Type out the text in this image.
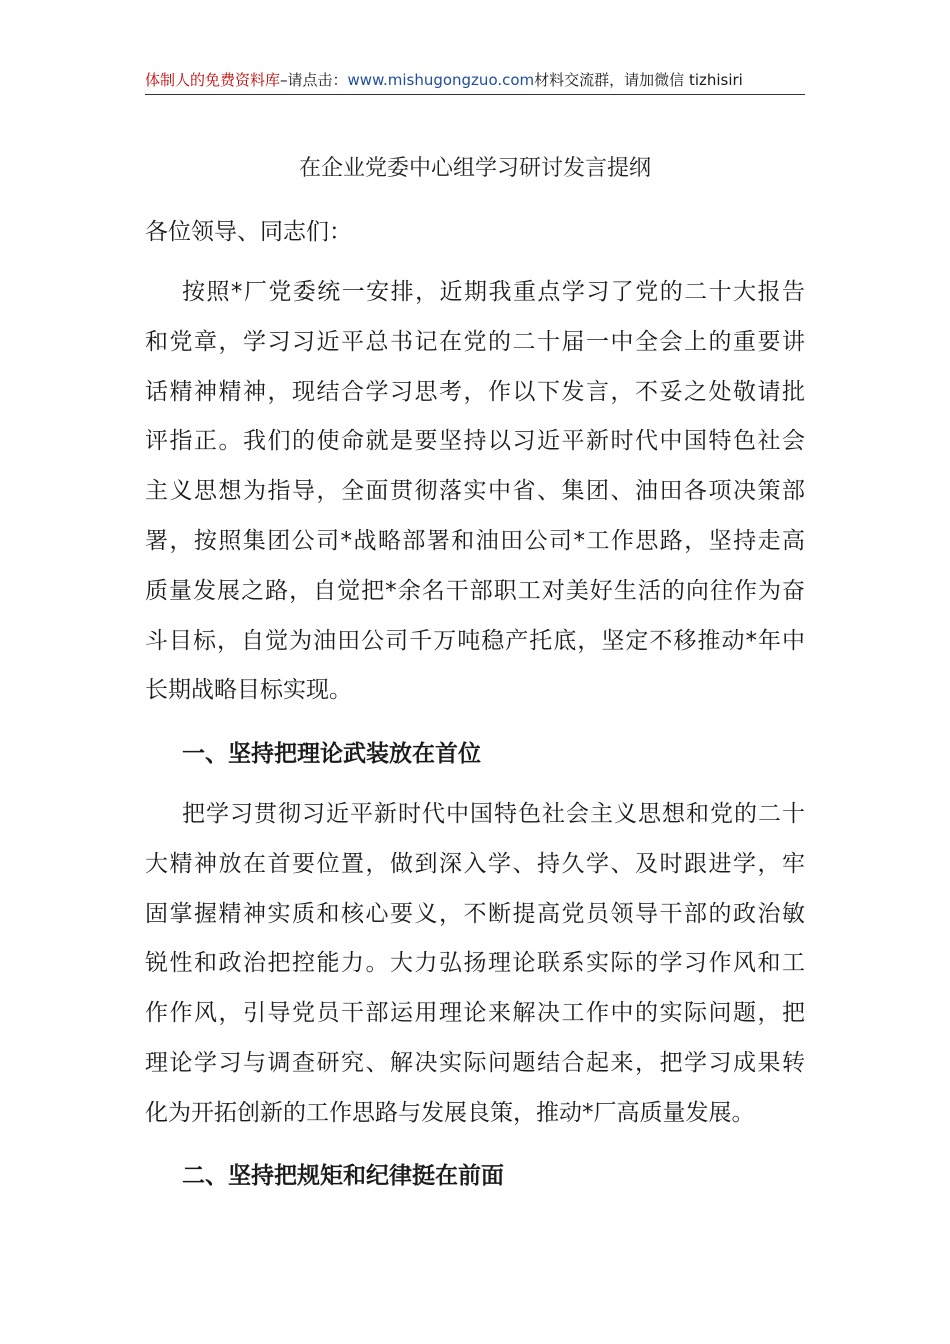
体制人的免费资料库–请点击：www.mishugongzuo.com材料交流群，请加微信 tizhisiri
在企业党委中心组学习研讨发言提纲
各位领导、同志们：
按照*厂党委统一安排，近期我重点学习了党的二十大报告
和党章，学习习近平总书记在党的二十届一中全会上的重要讲
话精神精神，现结合学习思考，作以下发言，不妥之处敬请批
评指正。我们的使命就是要坚持以习近平新时代中国特色社会
主义思想为指导，全面贯彻落实中省、集团、油田各项决策部
署，按照集团公司*战略部署和油田公司*工作思路，坚持走高
质量发展之路，自觉把*余名干部职工对美好生活的向往作为奋
斗目标，自觉为油田公司千万吨稳产托底，坚定不移推动*年中
长期战略目标实现。
一、坚持把理论武装放在首位
把学习贯彻习近平新时代中国特色社会主义思想和党的二十
大精神放在首要位置，做到深入学、持久学、及时跟进学，牢
固掌握精神实质和核心要义，不断提高党员领导干部的政治敏
锐性和政治把控能力。大力弘扬理论联系实际的学习作风和工
作作风，引导党员干部运用理论来解决工作中的实际问题，把
理论学习与调查研究、解决实际问题结合起来，把学习成果转
化为开拓创新的工作思路与发展良策，推动*厂高质量发展。
二、坚持把规矩和纪律挺在前面
